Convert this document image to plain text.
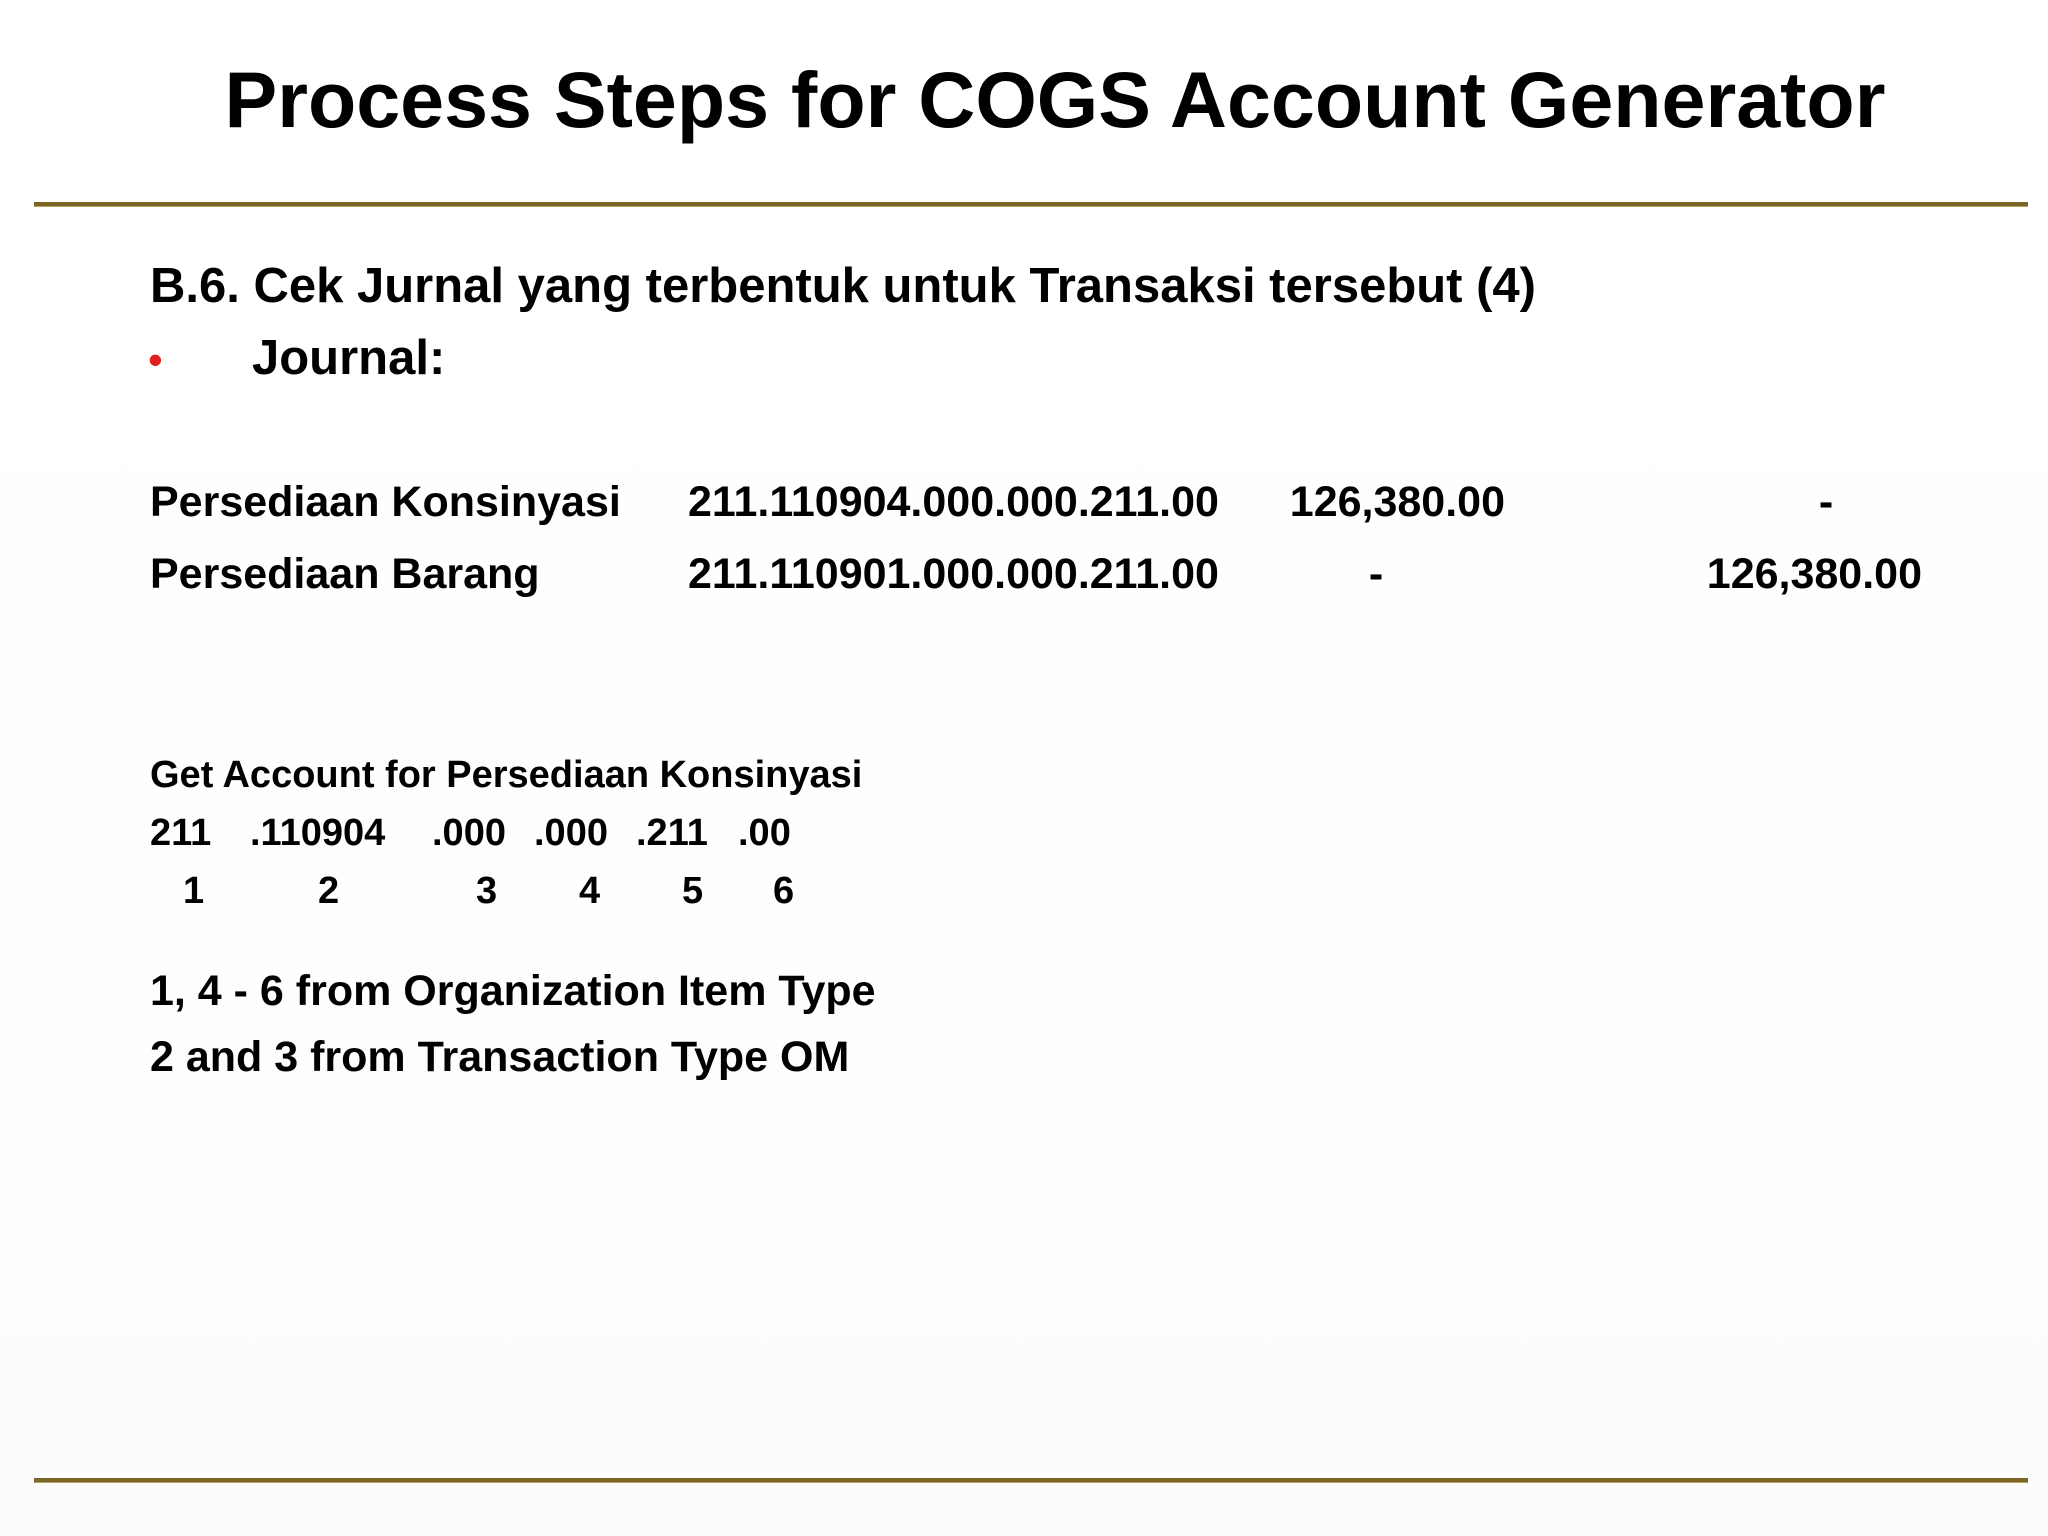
Process Steps for COGS Account Generator
B.6. Cek Jurnal yang terbentuk untuk Transaksi tersebut (4)
• Journal:
Persediaan Konsinyasi 211.110904.000.000.211.00 126,380.00	-
Persediaan Barang	211.110901.000.000.211.00	-	126,380.00
Get Account for Persediaan Konsinyasi
211 .110904 .000 .000 .211 .00
1	2	3 4 5 6
1, 4 - 6 from Organization Item Type
2 and 3 from Transaction Type OM
